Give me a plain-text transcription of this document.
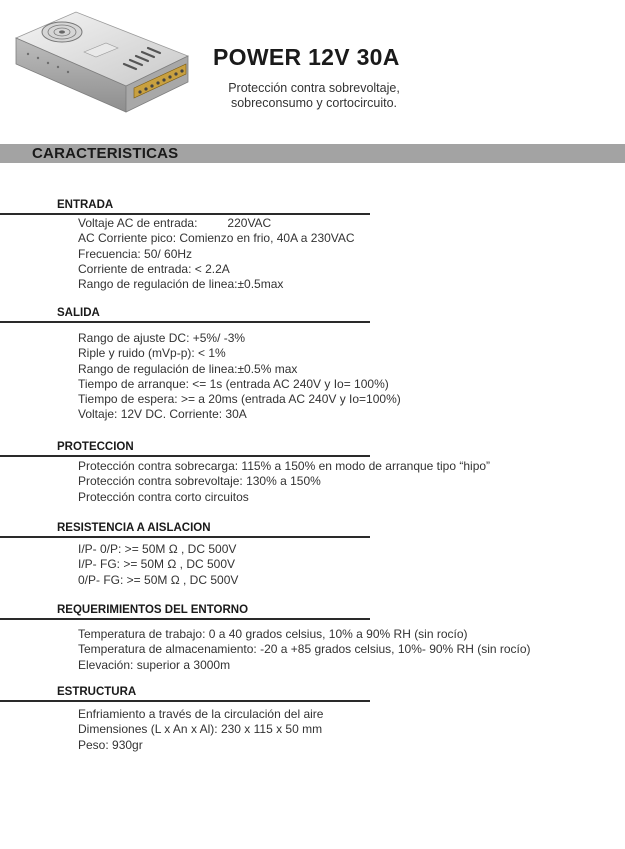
POWER 12V 30A
Protección contra sobrevoltaje,
sobreconsumo y cortocircuito.
CARACTERISTICAS
ENTRADA
Voltaje AC de entrada:	220VAC
AC Corriente pico: Comienzo en frio, 40A a 230VAC
Frecuencia: 50/ 60Hz
Corriente de entrada: < 2.2A
Rango de regulación de linea:±0.5max
SALIDA
Rango de ajuste DC: +5%/ -3%
Riple y ruido (mVp-p): < 1%
Rango de regulación de linea:±0.5% max
Tiempo de arranque: <= 1s (entrada AC 240V y Io= 100%)
Tiempo de espera: >= a 20ms (entrada AC 240V y Io=100%)
Voltaje: 12V DC. Corriente: 30A
PROTECCION
Protección contra sobrecarga: 115% a 150% en modo de arranque tipo “hipo”
Protección contra sobrevoltaje: 130% a 150%
Protección contra corto circuitos
RESISTENCIA A AISLACION
I/P- 0/P: >= 50M Ω , DC 500V
I/P- FG: >= 50M Ω , DC 500V
0/P- FG: >= 50M Ω , DC 500V
REQUERIMIENTOS DEL ENTORNO
Temperatura de trabajo: 0 a 40 grados celsius, 10% a 90% RH (sin rocío)
Temperatura de almacenamiento: -20 a +85 grados celsius, 10%- 90% RH (sin rocío)
Elevación: superior a 3000m
ESTRUCTURA
Enfriamiento a través de la circulación del aire
Dimensiones (L x An x Al): 230 x 115 x 50 mm
Peso: 930gr
